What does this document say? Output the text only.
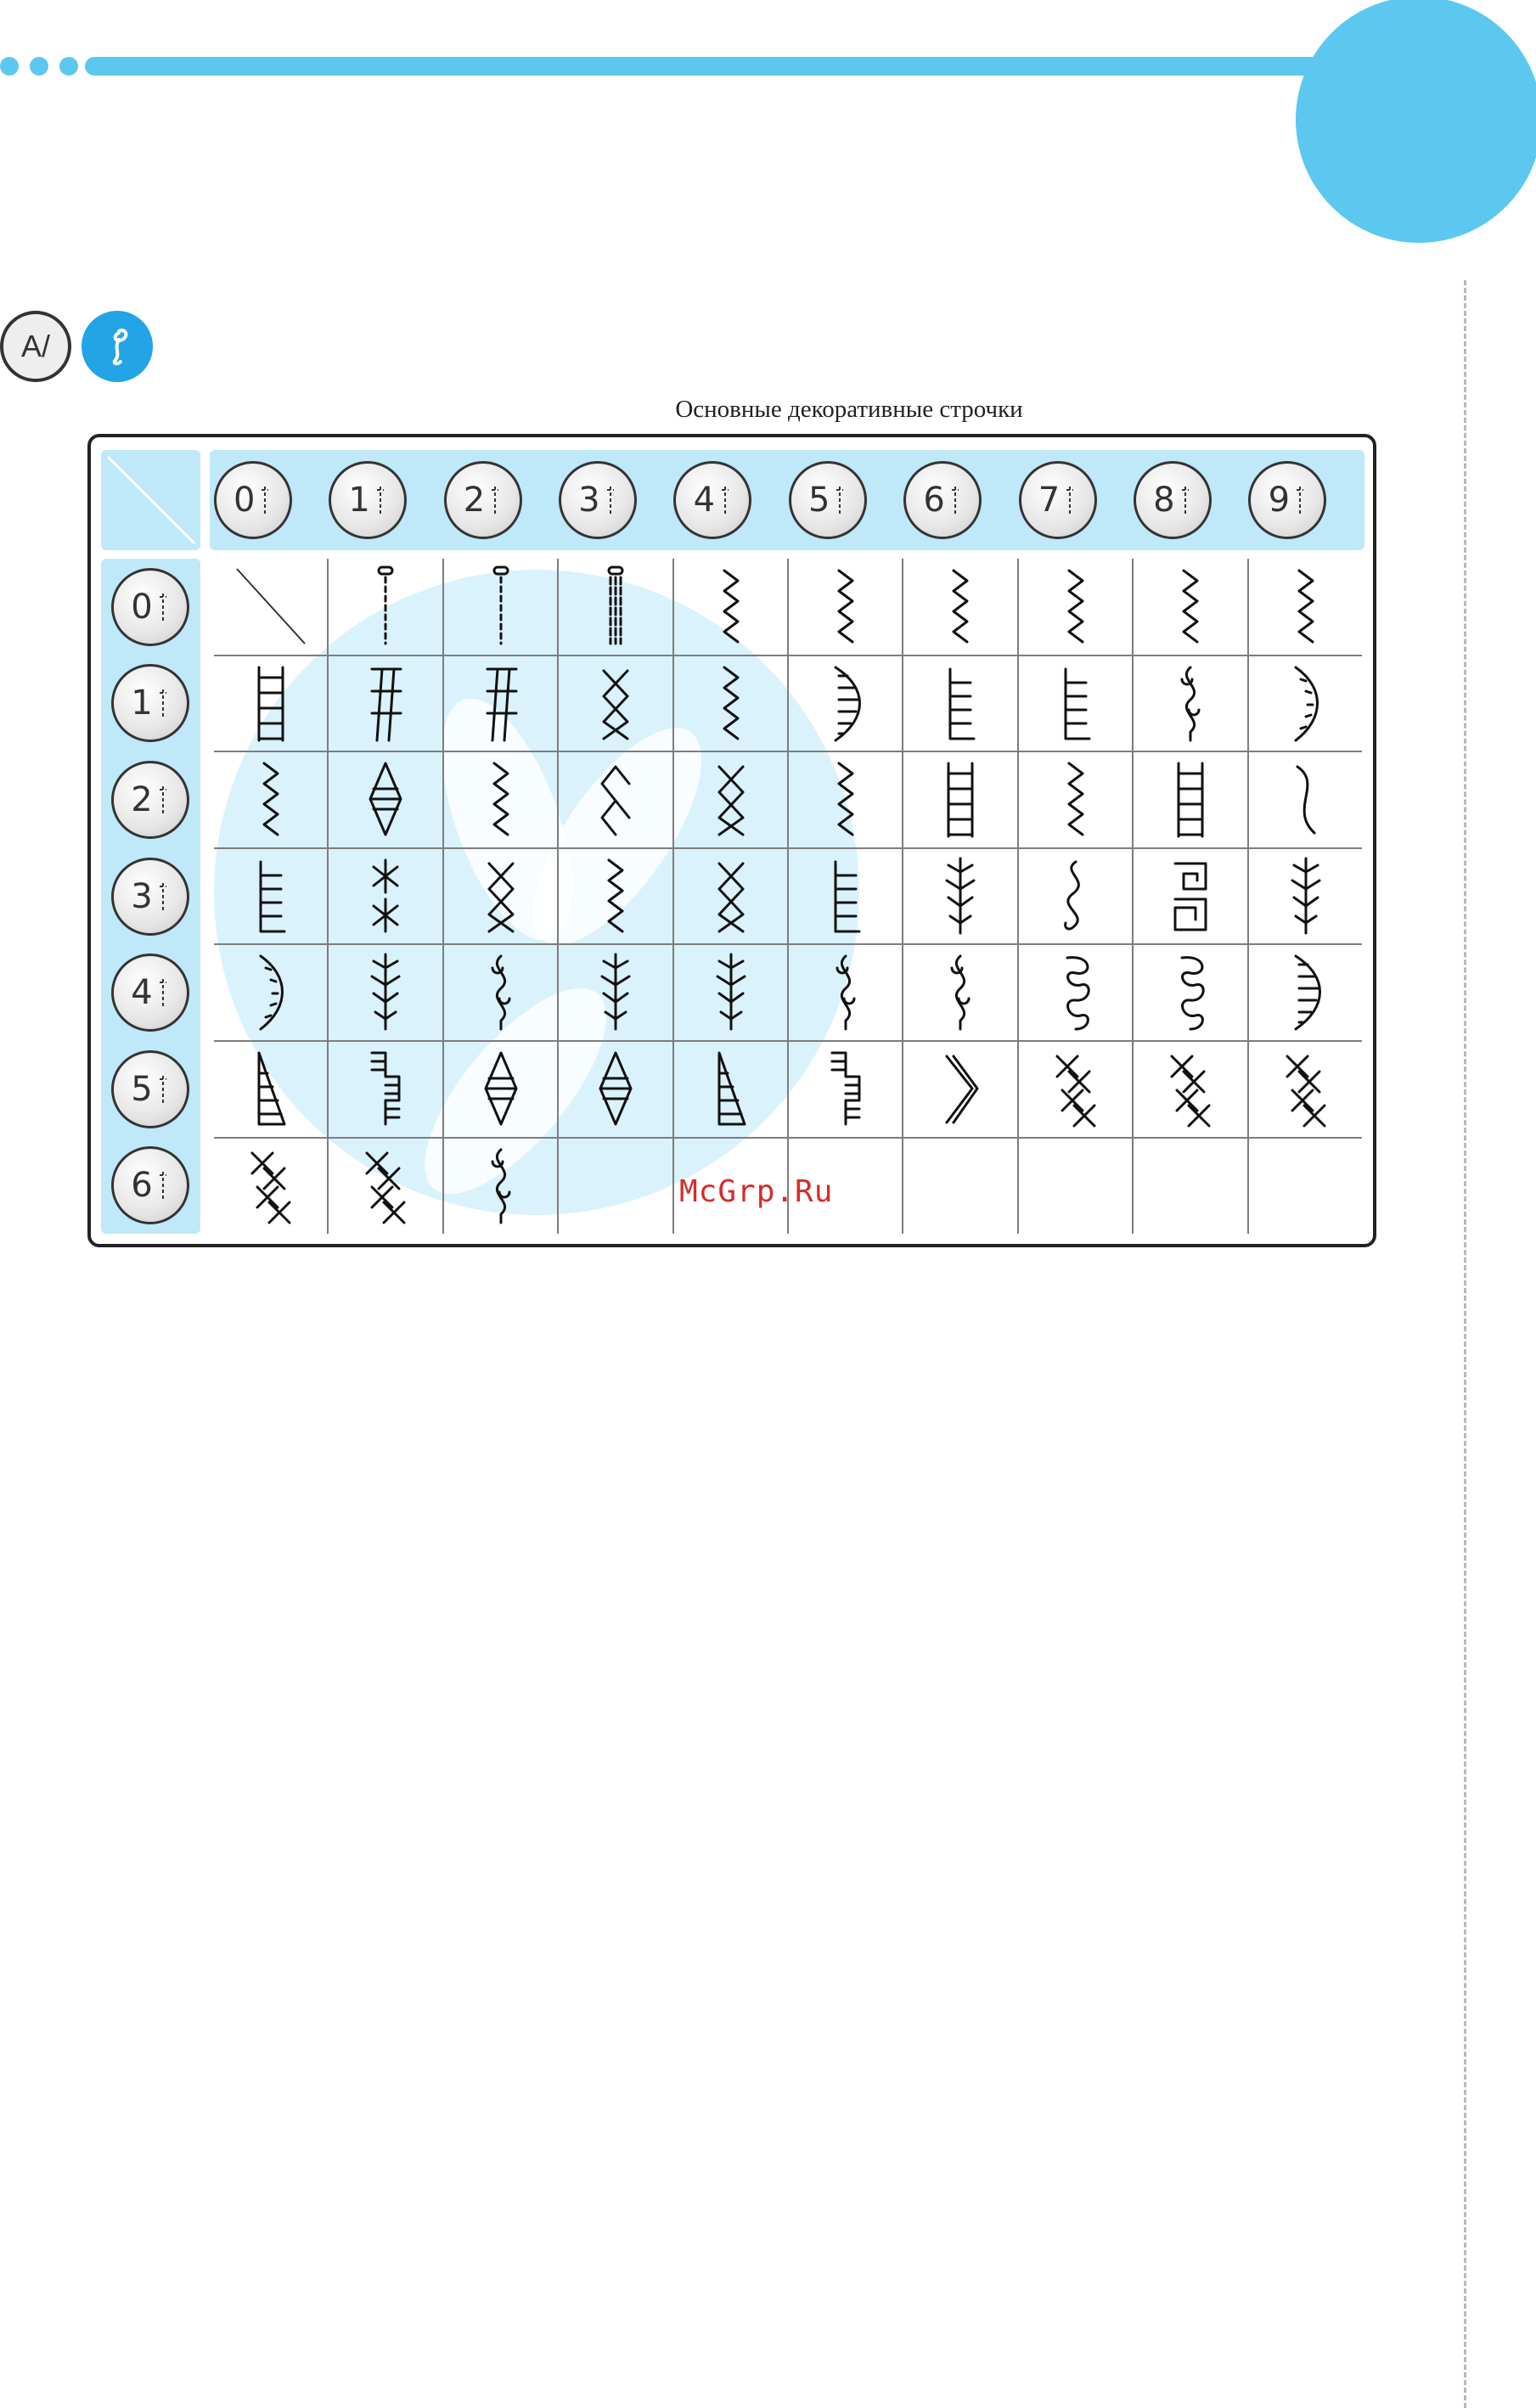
A/
Основные декоративные строчки
0	1	2	3	4	5	6	7	8	9
0
1
2
3
4
5
6	McGrp.Ru
